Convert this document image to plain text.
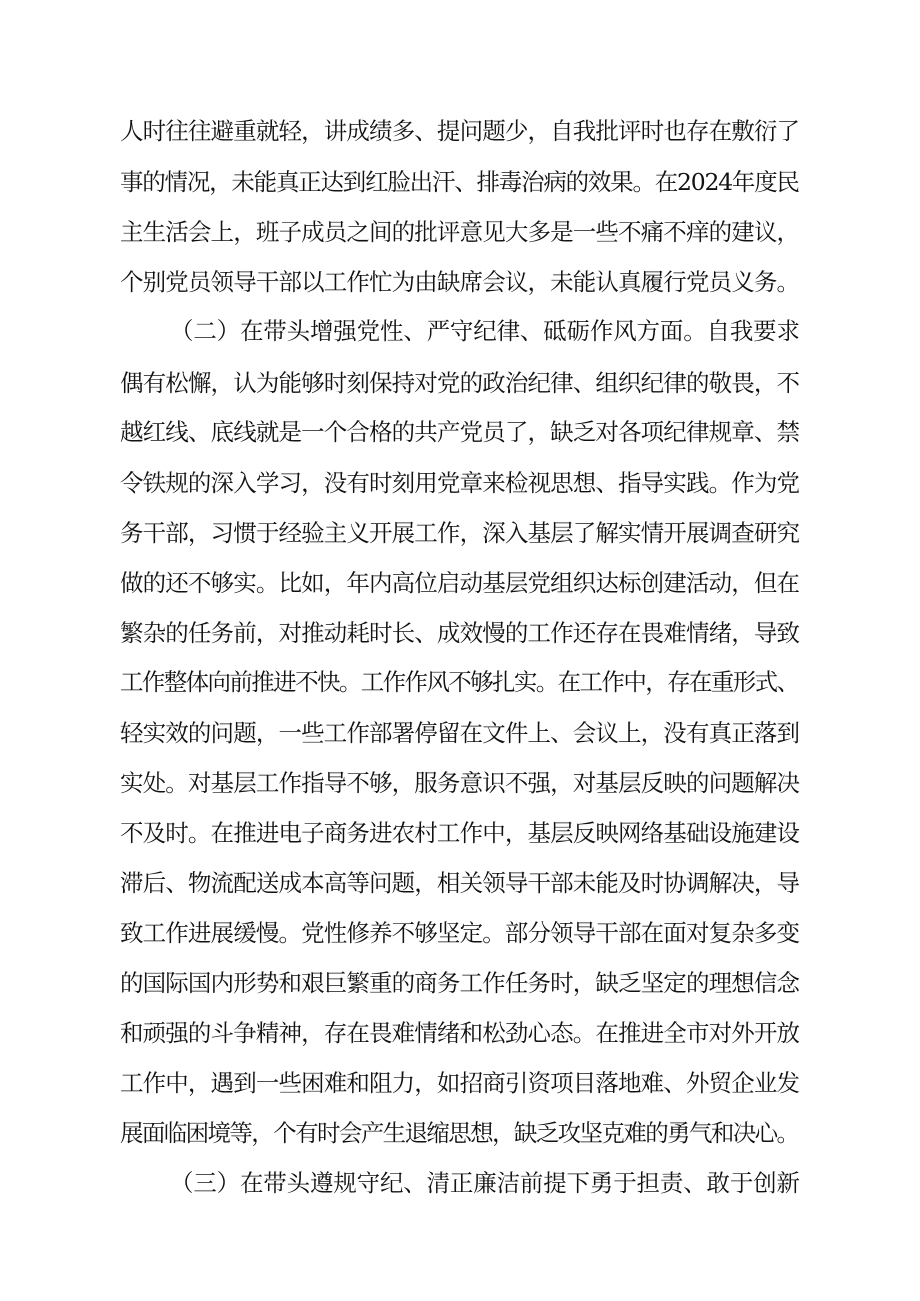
人时往往避重就轻，讲成绩多、提问题少，自我批评时也存在敷衍了
事的情况，未能真正达到红脸出汗、排毒治病的效果。在2024年度民
主生活会上，班子成员之间的批评意见大多是一些不痛不痒的建议，
个别党员领导干部以工作忙为由缺席会议，未能认真履行党员义务。
（二）在带头增强党性、严守纪律、砥砺作风方面。自我要求
偶有松懈，认为能够时刻保持对党的政治纪律、组织纪律的敬畏，不
越红线、底线就是一个合格的共产党员了，缺乏对各项纪律规章、禁
令铁规的深入学习，没有时刻用党章来检视思想、指导实践。作为党
务干部，习惯于经验主义开展工作，深入基层了解实情开展调查研究
做的还不够实。比如，年内高位启动基层党组织达标创建活动，但在
繁杂的任务前，对推动耗时长、成效慢的工作还存在畏难情绪，导致
工作整体向前推进不快。工作作风不够扎实。在工作中，存在重形式、
轻实效的问题，一些工作部署停留在文件上、会议上，没有真正落到
实处。对基层工作指导不够，服务意识不强，对基层反映的问题解决
不及时。在推进电子商务进农村工作中，基层反映网络基础设施建设
滞后、物流配送成本高等问题，相关领导干部未能及时协调解决，导
致工作进展缓慢。党性修养不够坚定。部分领导干部在面对复杂多变
的国际国内形势和艰巨繁重的商务工作任务时，缺乏坚定的理想信念
和顽强的斗争精神，存在畏难情绪和松劲心态。在推进全市对外开放
工作中，遇到一些困难和阻力，如招商引资项目落地难、外贸企业发
展面临困境等，个有时会产生退缩思想，缺乏攻坚克难的勇气和决心。
（三）在带头遵规守纪、清正廉洁前提下勇于担责、敢于创新
